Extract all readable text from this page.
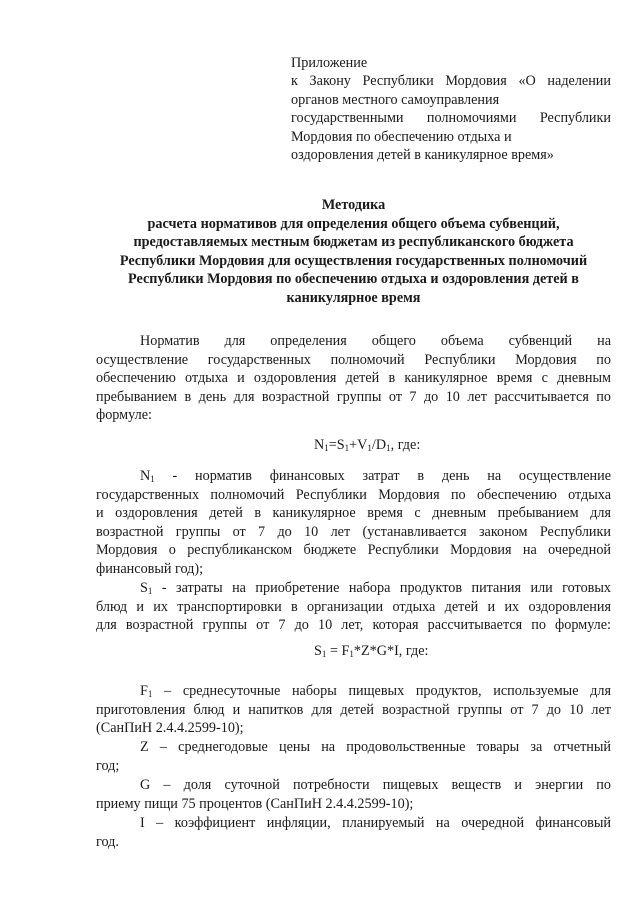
Приложение
к Закону Республики Мордовия «О наделении
органов местного самоуправления
государственными полномочиями Республики
Мордовия по обеспечению отдыха и
оздоровления детей в каникулярное время»
Методика
расчета нормативов для определения общего объема субвенций,
предоставляемых местным бюджетам из республиканского бюджета
Республики Мордовия для осуществления государственных полномочий
Республики Мордовия по обеспечению отдыха и оздоровления детей в
каникулярное время
Норматив для определения общего объема субвенций на
осуществление государственных полномочий Республики Мордовия по
обеспечению отдыха и оздоровления детей в каникулярное время с дневным
пребыванием в день для возрастной группы от 7 до 10 лет рассчитывается по
формуле:
$N_1=S_1+V_1/D_1$, где:
$N_1$ - норматив финансовых затрат в день на осуществление
государственных полномочий Республики Мордовия по обеспечению отдыха
и оздоровления детей в каникулярное время с дневным пребыванием для
возрастной группы от 7 до 10 лет (устанавливается законом Республики
Мордовия о республиканском бюджете Республики Мордовия на очередной
финансовый год);
$S_1$ - затраты на приобретение набора продуктов питания или готовых
блюд и их транспортировки в организации отдыха детей и их оздоровления
для возрастной группы от 7 до 10 лет, которая рассчитывается по формуле:
$S_1 = F_1*Z*G*I$, где:
$F_1$ – среднесуточные наборы пищевых продуктов, используемые для
приготовления блюд и напитков для детей возрастной группы от 7 до 10 лет
(СанПиН 2.4.4.2599-10);
Z – среднегодовые цены на продовольственные товары за отчетный
год;
G – доля суточной потребности пищевых веществ и энергии по
приему пищи 75 процентов (СанПиН 2.4.4.2599-10);
I – коэффициент инфляции, планируемый на очередной финансовый
год.
